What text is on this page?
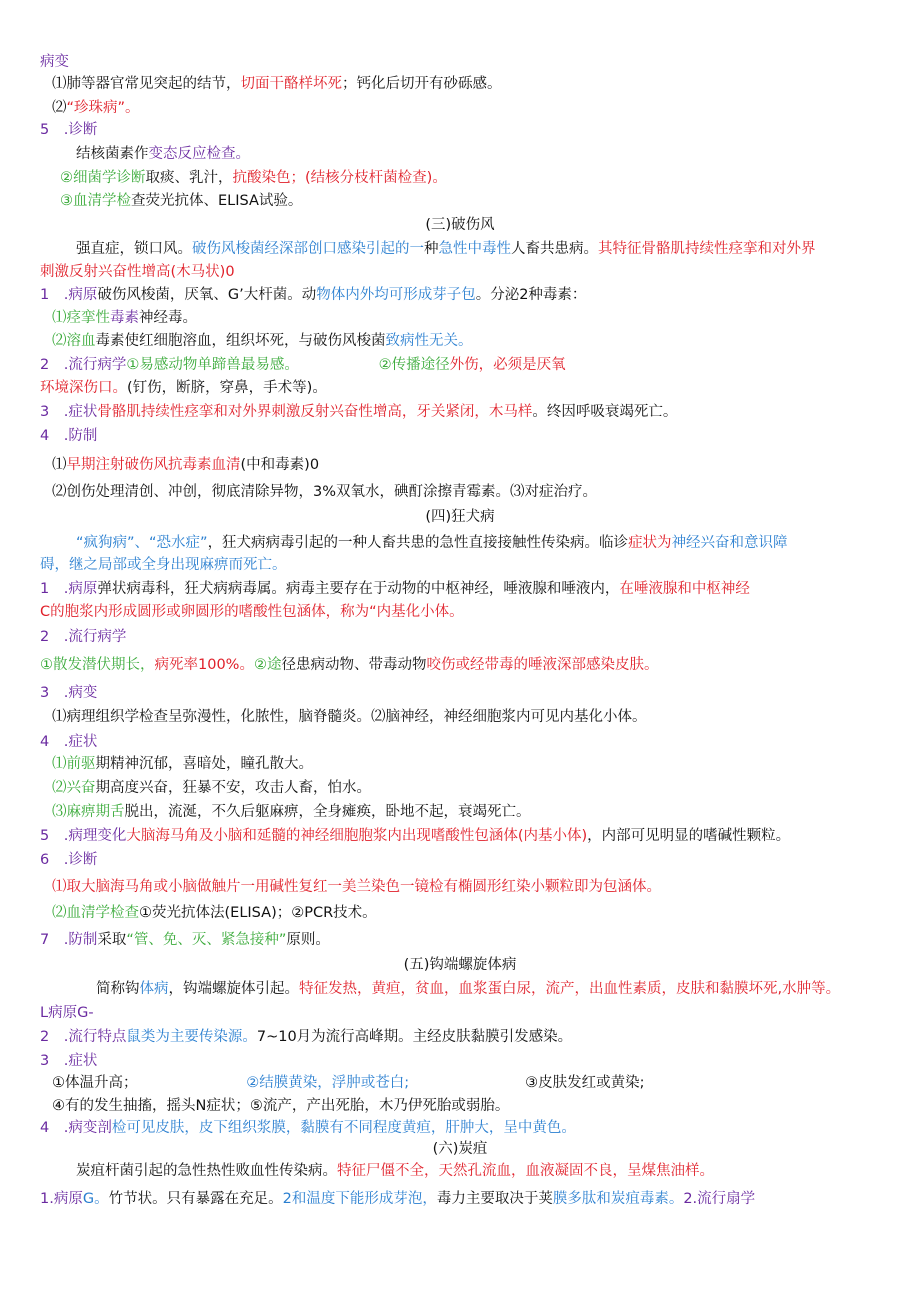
病变
⑴肺等器官常见突起的结节，切面干酪样坏死；钙化后切开有砂砾感。
⑵“珍珠病”。
5　.诊断
结核菌素作变态反应检查。
②细菌学诊断取痰、乳汁，抗酸染色；(结核分枝杆菌检查)。
③血清学检查荧光抗体、ELISA试验。
(三)破伤风
强直症，锁口风。破伤风梭菌经深部创口感染引起的一种急性中毒性人畜共患病。其特征骨骼肌持续性痉挛和对外界
刺激反射兴奋性增高(木马状)0
1　.病原破伤风梭菌，厌氧、G’大杆菌。动物体内外均可形成芽子包。分泌2种毒素：
⑴痉挛性毒素神经毒。
⑵溶血毒素使红细胞溶血，组织坏死，与破伤风梭菌致病性无关。
2　.流行病学①易感动物单蹄兽最易感。　　　　　　	②传播途径外伤，必须是厌氧
环境深伤口。(钉伤，断脐，穿鼻，手术等)。
3　.症状骨骼肌持续性痉挛和对外界刺激反射兴奋性增高，牙关紧闭，木马样。终因呼吸衰竭死亡。
4　.防制
⑴早期注射破伤风抗毒素血清(中和毒素)0
⑵创伤处理清创、冲创，彻底清除异物，3%双氧水，碘酊涂擦青霉素。⑶对症治疗。
(四)狂犬病
“疯狗病”、“恐水症”，狂犬病病毒引起的一种人畜共患的急性直接接触性传染病。临诊症状为神经兴奋和意识障
碍，继之局部或全身出现麻痹而死亡。
1　.病原弹状病毒科，狂犬病病毒属。病毒主要存在于动物的中枢神经，唾液腺和唾液内，在唾液腺和中枢神经
C的胞浆内形成圆形或卵圆形的嗜酸性包涵体，称为“内基化小体。
2　.流行病学
①散发潜伏期长，病死率100%。②途径患病动物、带毒动物咬伤或经带毒的唾液深部感染皮肤。
3　.病变
⑴病理组织学检查呈弥漫性，化脓性，脑脊髓炎。⑵脑神经，神经细胞浆内可见内基化小体。
4　.症状
⑴前驱期精神沉郁，喜暗处，瞳孔散大。
⑵兴奋期高度兴奋，狂暴不安，攻击人畜，怕水。
⑶麻痹期舌脱出，流涎，不久后躯麻痹，全身瘫痪，卧地不起，衰竭死亡。
5　.病理变化大脑海马角及小脑和延髓的神经细胞胞浆内出现嗜酸性包涵体(内基小体)，内部可见明显的嗜碱性颗粒。
6　.诊断
⑴取大脑海马角或小脑做触片一用碱性复红一美兰染色一镜检有椭圆形红染小颗粒即为包涵体。
⑵血清学检查①荧光抗体法(ELISA)；②PCR技术。
7　.防制采取“管、免、灭、紧急接种”原则。
(五)钩端螺旋体病
简称钩体病，钩端螺旋体引起。特征发热，黄疸，贫血，血浆蛋白尿，流产，出血性素质，皮肤和黏膜坏死,水肿等。
L病原G-
2　.流行特点鼠类为主要传染源。7~10月为流行高峰期。主经皮肤黏膜引发感染。
3　.症状
①体温升高；　　　　　　　　	②结膜黄染，浮肿或苍白;　　　　　　　　	③皮肤发红或黄染;
④有的发生抽搐，摇头N症状；⑤流产，产出死胎，木乃伊死胎或弱胎。
4　.病变剖检可见皮肤，皮下组织浆膜，黏膜有不同程度黄疸，肝肿大，呈中黄色。
(六)炭疽
炭疽杆菌引起的急性热性败血性传染病。特征尸僵不全，天然孔流血，血液凝固不良，呈煤焦油样。
1.病原G。竹节状。只有暴露在充足。2和温度下能形成芽泡，毒力主要取决于荚膜多肽和炭疽毒素。2.流行扇学
